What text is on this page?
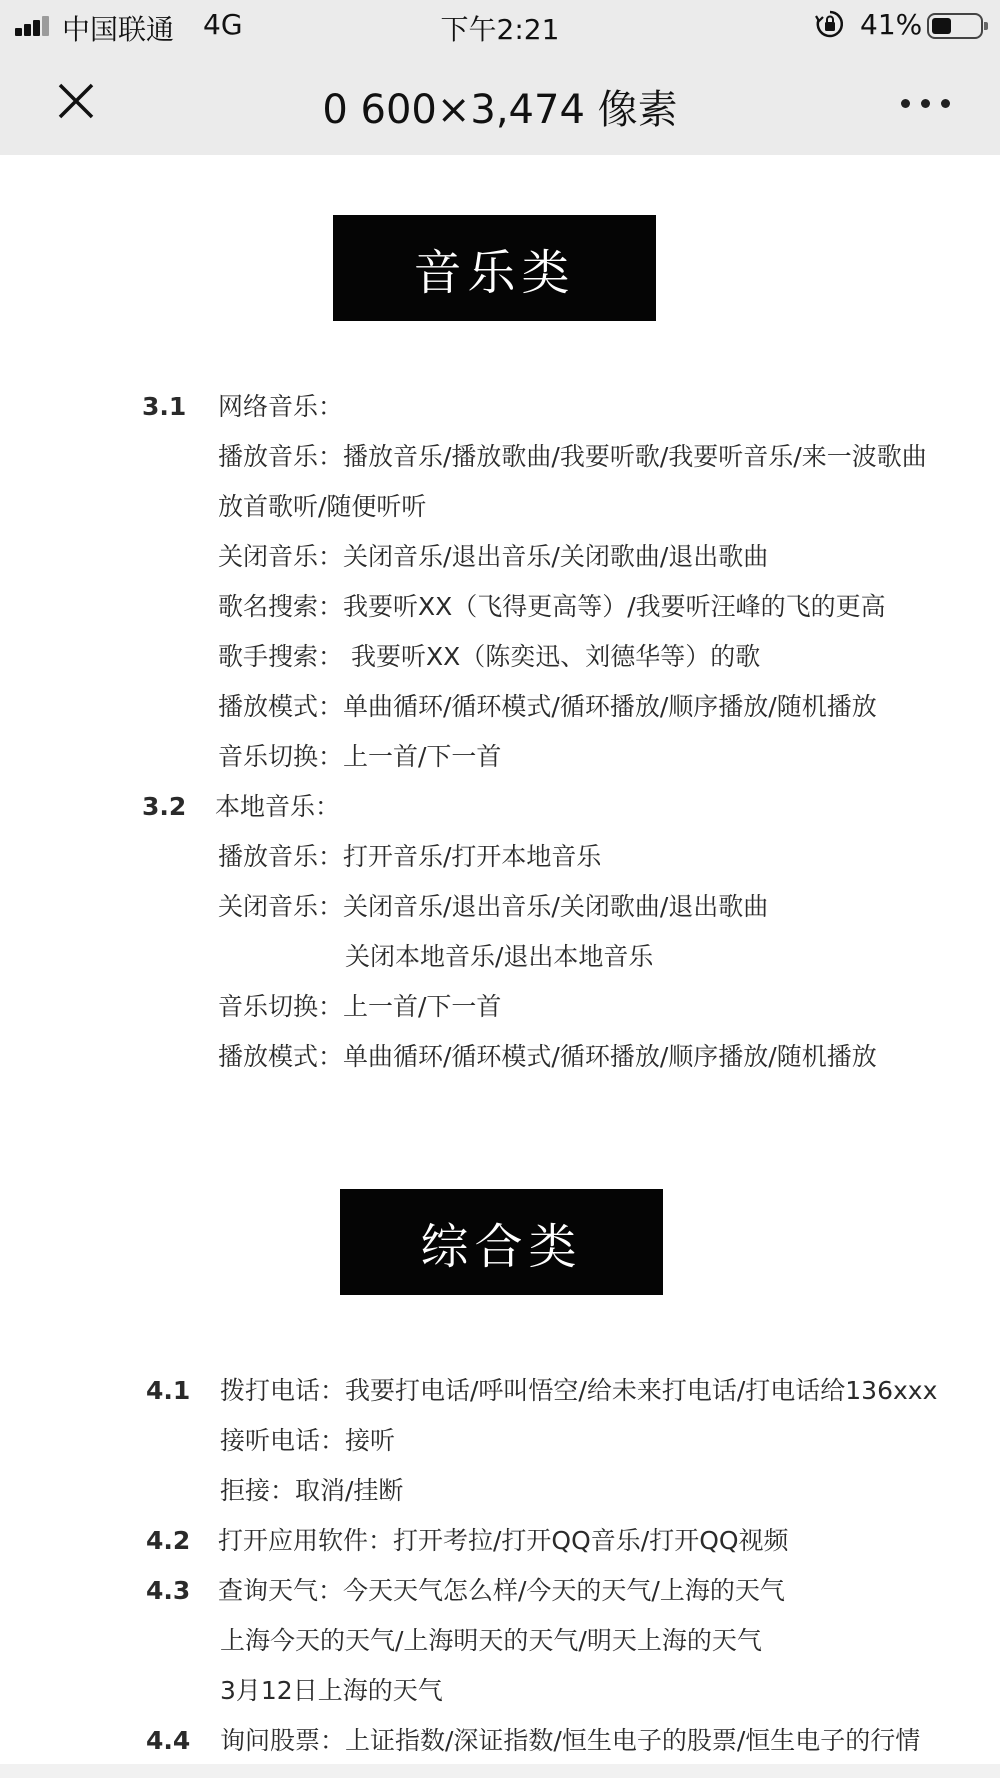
中国联通 4G	下午2:21	41%
0 600×3,474 像素
音乐类
3.1 网络音乐：
播放音乐：播放音乐/播放歌曲/我要听歌/我要听音乐/来一波歌曲
放首歌听/随便听听
关闭音乐：关闭音乐/退出音乐/关闭歌曲/退出歌曲
歌名搜索：我要听XX（飞得更高等）/我要听汪峰的飞的更高
歌手搜索： 我要听XX（陈奕迅、刘德华等）的歌
播放模式：单曲循环/循环模式/循环播放/顺序播放/随机播放
音乐切换：上一首/下一首
3.2 本地音乐：
播放音乐：打开音乐/打开本地音乐
关闭音乐：关闭音乐/退出音乐/关闭歌曲/退出歌曲
关闭本地音乐/退出本地音乐
音乐切换：上一首/下一首
播放模式：单曲循环/循环模式/循环播放/顺序播放/随机播放
综合类
4.1 拨打电话：我要打电话/呼叫悟空/给未来打电话/打电话给136xxx
接听电话：接听
拒接：取消/挂断
4.2 打开应用软件：打开考拉/打开QQ音乐/打开QQ视频
4.3 查询天气：今天天气怎么样/今天的天气/上海的天气
上海今天的天气/上海明天的天气/明天上海的天气
3月12日上海的天气
4.4 询问股票：上证指数/深证指数/恒生电子的股票/恒生电子的行情
